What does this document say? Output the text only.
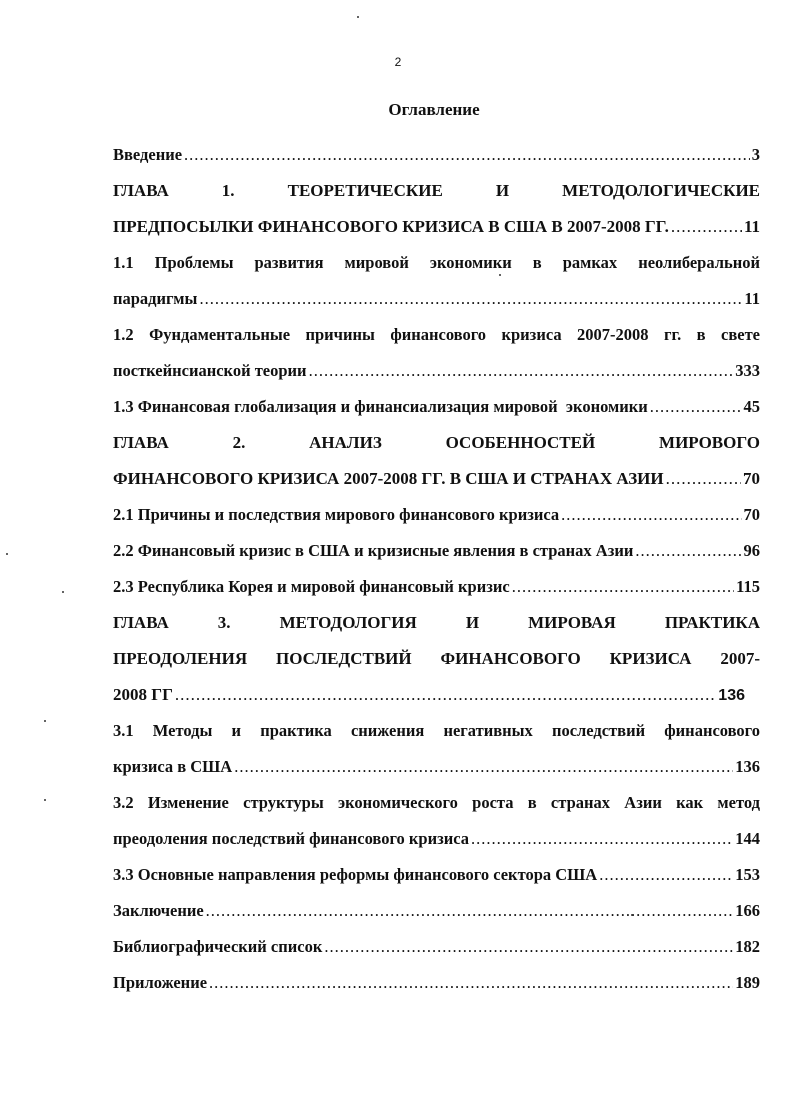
2
Оглавление
Введение .....	3
ГЛАВА 1.	ТЕОРЕТИЧЕСКИЕ	И	МЕТОДОЛОГИЧЕСКИЕ
ПРЕДПОСЫЛКИ ФИНАНСОВОГО КРИЗИСА В США В 2007-2008 ГГ. .....	11
1.1 Проблемы развития мировой экономики в рамках неолиберальной
парадигмы .....	11
1.2 Фундаментальные причины финансового кризиса 2007-2008 гг. в свете
посткейнсианской теории .....	333
1.3 Финансовая глобализация и финансиализация мировой  экономики .....	45
ГЛАВА 2.	АНАЛИЗ	ОСОБЕННОСТЕЙ	МИРОВОГО
ФИНАНСОВОГО КРИЗИСА 2007-2008 ГГ. В США И СТРАНАХ АЗИИ .....	70
2.1 Причины и последствия мирового финансового кризиса .....	70
2.2 Финансовый кризис в США и кризисные явления в странах Азии .....	96
2.3 Республика Корея и мировой финансовый кризис .....	115
ГЛАВА 3.	МЕТОДОЛОГИЯ	И	МИРОВАЯ	ПРАКТИКА
ПРЕОДОЛЕНИЯ ПОСЛЕДСТВИЙ ФИНАНСОВОГО КРИЗИСА 2007-
2008 ГГ .....	136
3.1 Методы и практика снижения негативных последствий финансового
кризиса в США .....	136
3.2 Изменение структуры экономического роста в странах Азии как метод
преодоления последствий финансового кризиса .....	144
3.3 Основные направления реформы финансового сектора США .....	153
Заключение .....	166
Библиографический список .....	182
Приложение .....	189
